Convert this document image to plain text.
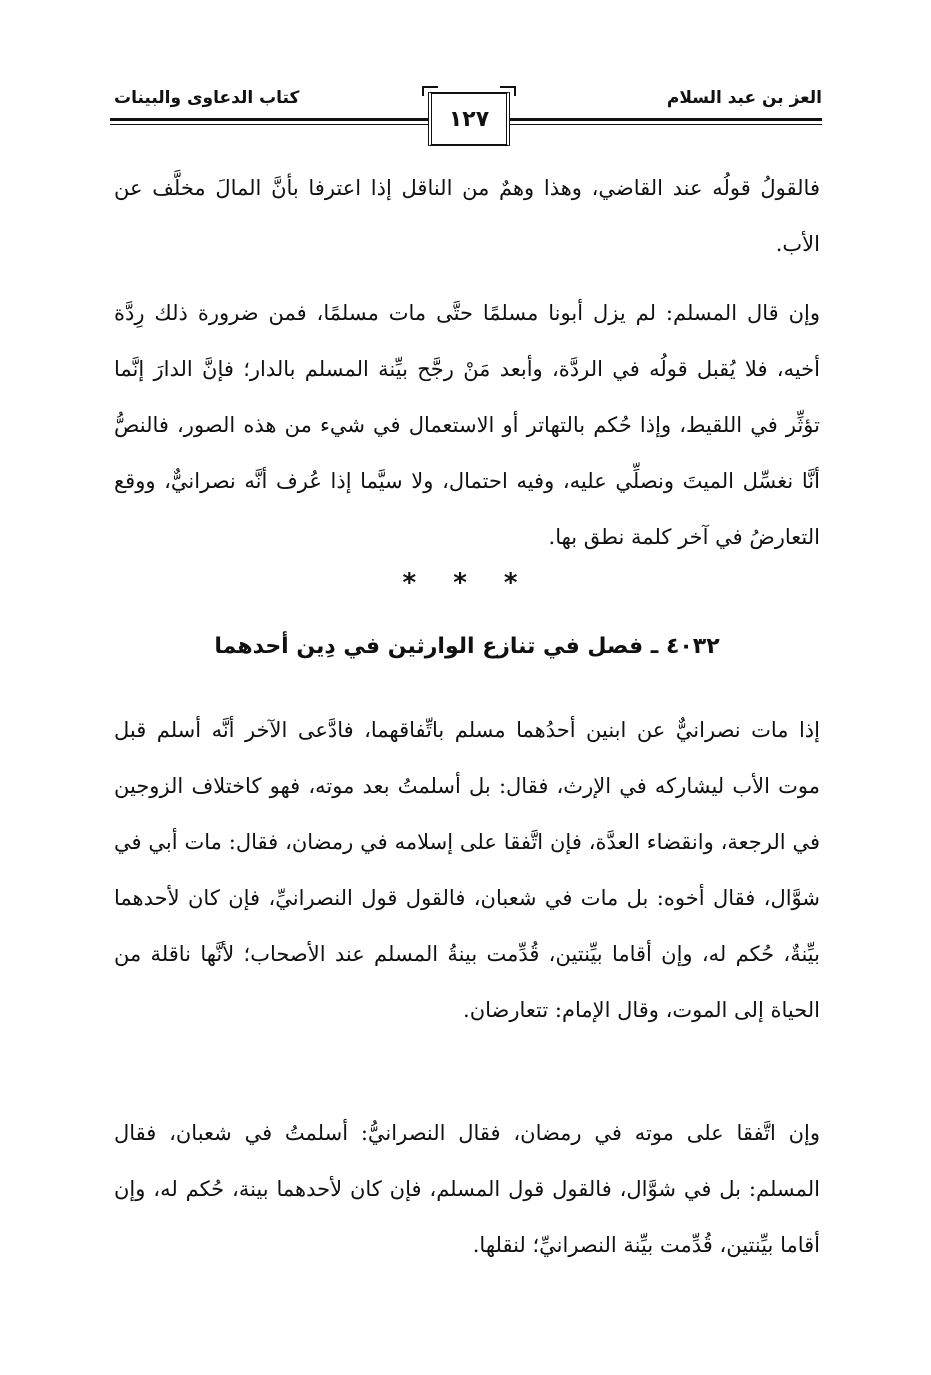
العز بن عبد السلام
كتاب الدعاوى والبينات
١٢٧

فالقولُ قولُه عند القاضي، وهذا وهمٌ من الناقل إذا اعترفا بأنَّ المالَ مخلَّف عن الأب.

وإن قال المسلم: لم يزل أبونا مسلمًا حتَّى مات مسلمًا، فمن ضرورة ذلك رِدَّة أخيه، فلا يُقبل قولُه في الردَّة، وأبعد مَنْ رجَّح بيِّنة المسلم بالدار؛ فإنَّ الدارَ إنَّما تؤثِّر في اللقيط، وإذا حُكم بالتهاتر أو الاستعمال في شيء من هذه الصور، فالنصُّ أنَّا نغسِّل الميتَ ونصلِّي عليه، وفيه احتمال، ولا سيَّما إذا عُرف أنَّه نصرانيٌّ، ووقع التعارضُ في آخر كلمة نطق بها.

* * *
٤٠٣٢ ـ فصل في تنازع الوارثين في دِين أحدهما

إذا مات نصرانيٌّ عن ابنين أحدُهما مسلم باتِّفاقهما، فادَّعى الآخر أنَّه أسلم قبل موت الأب ليشاركه في الإرث، فقال: بل أسلمتُ بعد موته، فهو كاختلاف الزوجين في الرجعة، وانقضاء العدَّة، فإن اتَّفقا على إسلامه في رمضان، فقال: مات أبي في شوَّال، فقال أخوه: بل مات في شعبان، فالقول قول النصرانيِّ، فإن كان لأحدهما بيِّنةٌ، حُكم له، وإن أقاما بيِّنتين، قُدِّمت بينةُ المسلم عند الأصحاب؛ لأنَّها ناقلة من الحياة إلى الموت، وقال الإمام: تتعارضان.

وإن اتَّفقا على موته في رمضان، فقال النصرانيُّ: أسلمتُ في شعبان، فقال المسلم: بل في شوَّال، فالقول قول المسلم، فإن كان لأحدهما بينة، حُكم له، وإن أقاما بيِّنتين، قُدِّمت بيِّنة النصرانيِّ؛ لنقلها.
